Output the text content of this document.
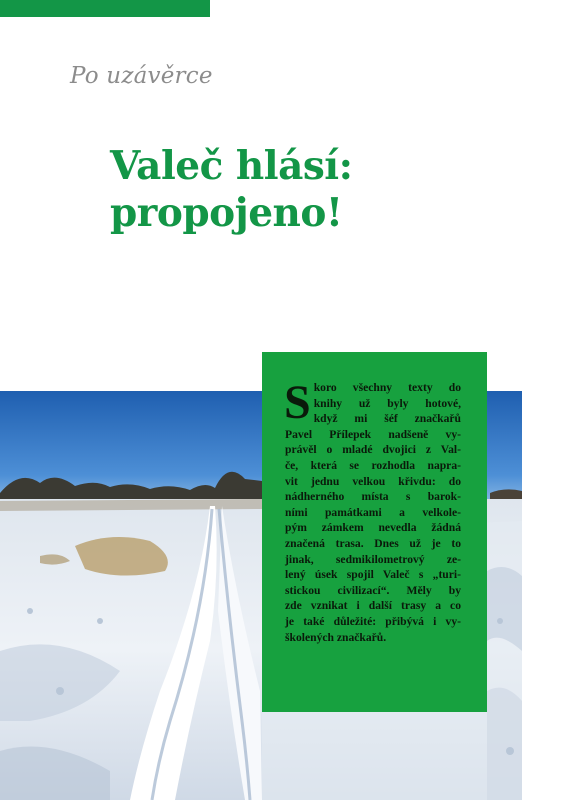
Po uzávěrce
Valeč hlásí:
propojeno!
S koro všechny texty do
knihy už byly hotové,
když mi šéf značkařů
Pavel Přílepek nadšeně vy-
právěl o mladé dvojici z Val-
če, která se rozhodla napra-
vit jednu velkou křivdu: do
nádherného místa s barok-
ními památkami a velkole-
pým zámkem nevedla žádná
značená trasa. Dnes už je to
jinak, sedmikilometrový ze-
lený úsek spojil Valeč s „turi-
stickou civilizací“. Měly by
zde vznikat i další trasy a co
je také důležité: přibývá i vy-
školených značkařů.
